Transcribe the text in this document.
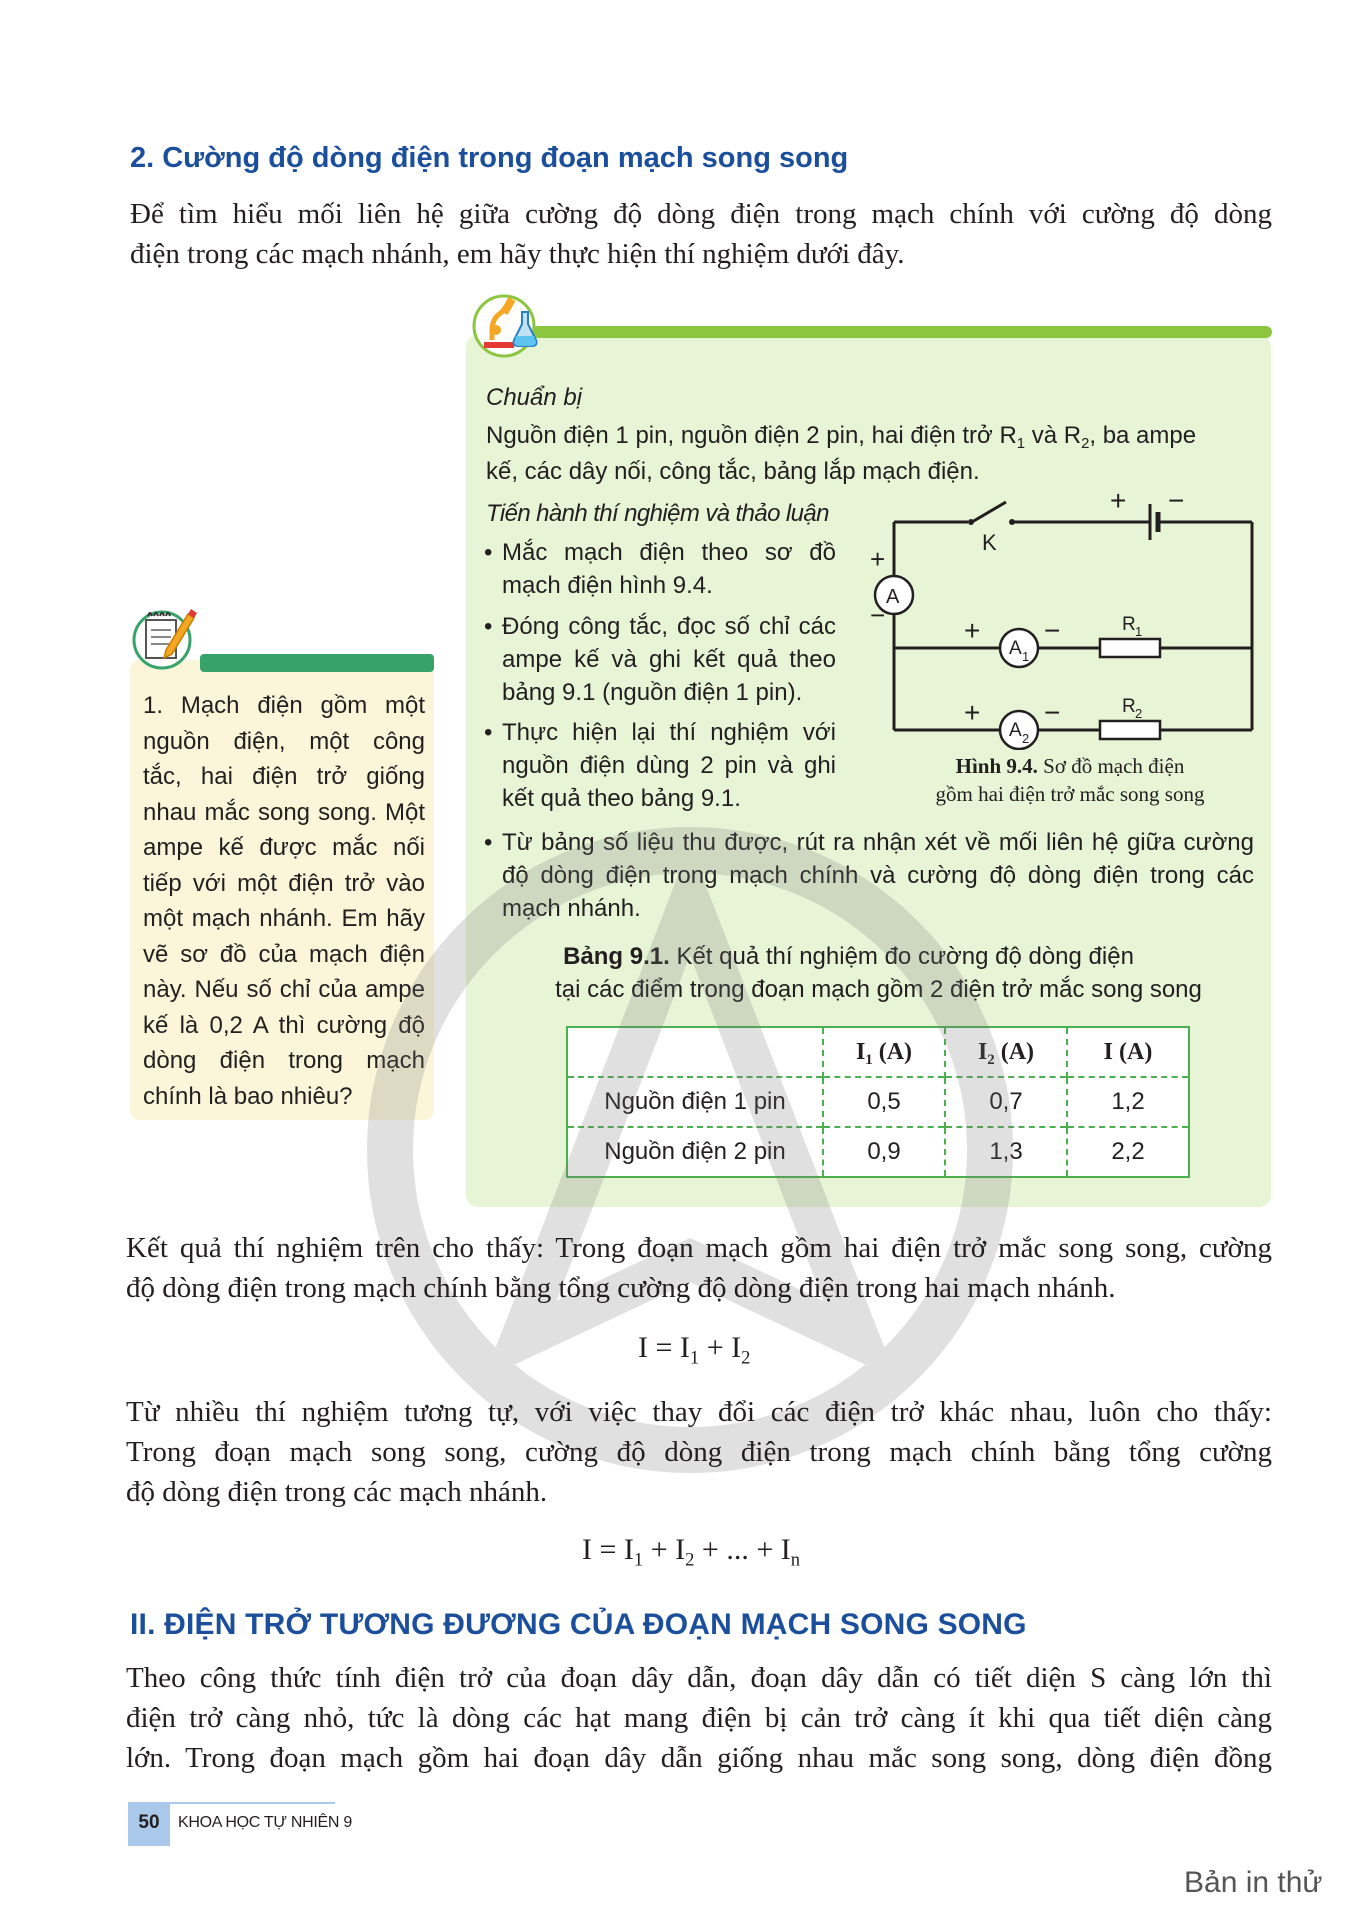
2. Cường độ dòng điện trong đoạn mạch song song
Để tìm hiểu mối liên hệ giữa cường độ dòng điện trong mạch chính với cường độ dòng
điện trong các mạch nhánh, em hãy thực hiện thí nghiệm dưới đây.
Chuẩn bị
Nguồn điện 1 pin, nguồn điện 2 pin, hai điện trở $R_1$ và $R_2$, ba ampe
kế, các dây nối, công tắc, bảng lắp mạch điện.
Tiến hành thí nghiệm và thảo luận
• Mắc mạch điện theo sơ đồ mạch điện hình 9.4.
• Đóng công tắc, đọc số chỉ các ampe kế và ghi kết quả theo bảng 9.1 (nguồn điện 1 pin).
• Thực hiện lại thí nghiệm với nguồn điện dùng 2 pin và ghi kết quả theo bảng 9.1.
• Từ bảng số liệu thu được, rút ra nhận xét về mối liên hệ giữa cường độ dòng điện trong mạch chính và cường độ dòng điện trong các mạch nhánh.
K
A
+
−
+ −
+ −
+ −
A 1
A 2
R 1
R 2
Hình 9.4. Sơ đồ mạch điện
gồm hai điện trở mắc song song
Bảng 9.1. Kết quả thí nghiệm đo cường độ dòng điện
tại các điểm trong đoạn mạch gồm 2 điện trở mắc song song
	$I_1$ (A)	$I_2$ (A)	I (A)
Nguồn điện 1 pin	0,5	0,7	1,2
Nguồn điện 2 pin	0,9	1,3	2,2
1. Mạch điện gồm một
nguồn điện, một công
tắc, hai điện trở giống
nhau mắc song song. Một
ampe kế được mắc nối
tiếp với một điện trở vào
một mạch nhánh. Em hãy
vẽ sơ đồ của mạch điện
này. Nếu số chỉ của ampe
kế là 0,2 A thì cường độ
dòng điện trong mạch
chính là bao nhiêu?
Kết quả thí nghiệm trên cho thấy: Trong đoạn mạch gồm hai điện trở mắc song song, cường
độ dòng điện trong mạch chính bằng tổng cường độ dòng điện trong hai mạch nhánh.
$I = I_1 + I_2$
Từ nhiều thí nghiệm tương tự, với việc thay đổi các điện trở khác nhau, luôn cho thấy:
Trong đoạn mạch song song, cường độ dòng điện trong mạch chính bằng tổng cường
độ dòng điện trong các mạch nhánh.
$I = I_1 + I_2$ + ... + $I_n$
II. ĐIỆN TRỞ TƯƠNG ĐƯƠNG CỦA ĐOẠN MẠCH SONG SONG
Theo công thức tính điện trở của đoạn dây dẫn, đoạn dây dẫn có tiết diện S càng lớn thì
điện trở càng nhỏ, tức là dòng các hạt mang điện bị cản trở càng ít khi qua tiết diện càng
lớn. Trong đoạn mạch gồm hai đoạn dây dẫn giống nhau mắc song song, dòng điện đồng
50	KHOA HỌC TỰ NHIÊN 9
Bản in thử
